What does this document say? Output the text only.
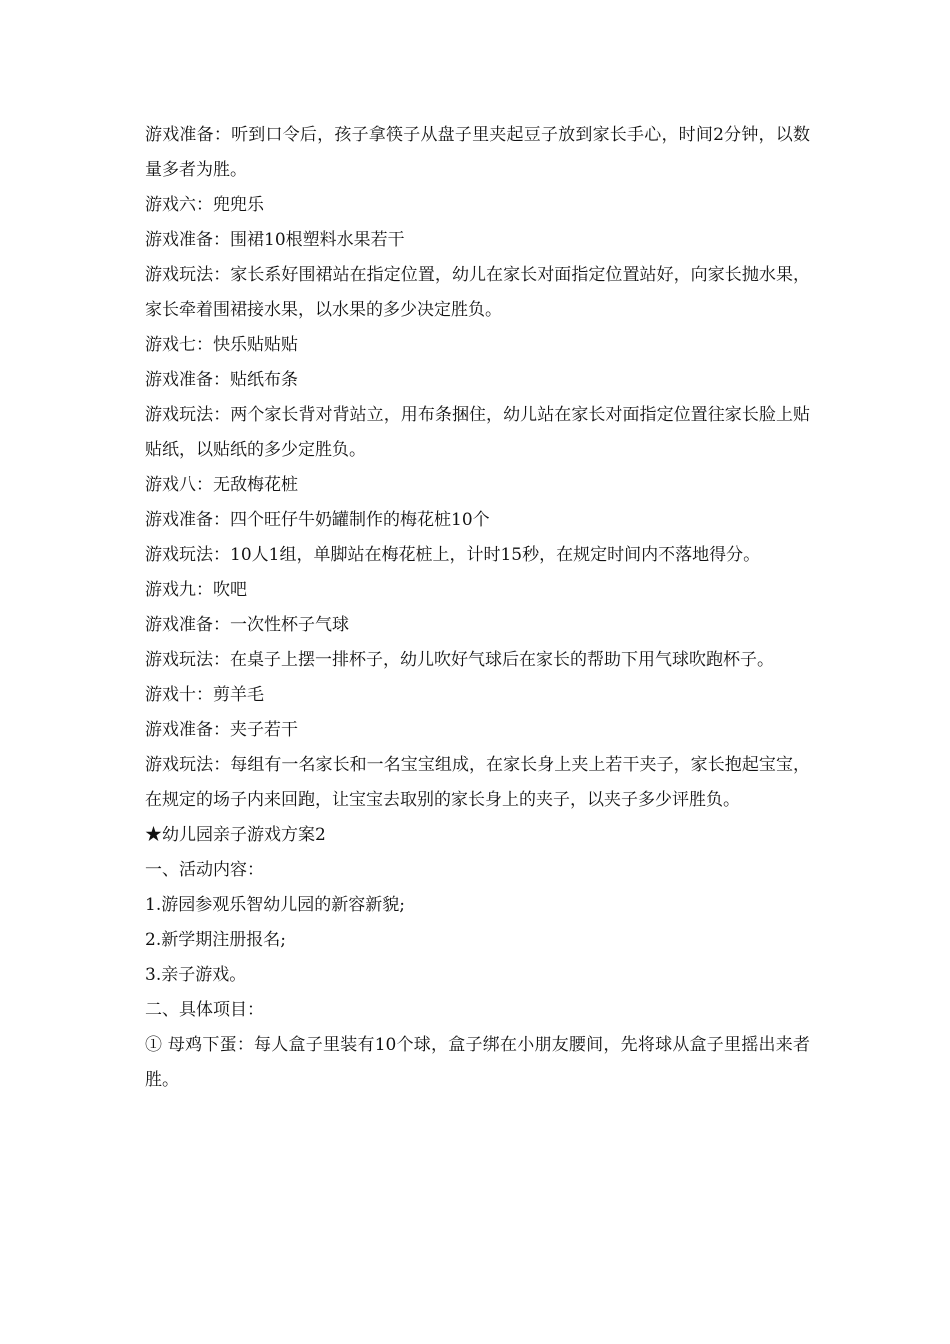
游戏准备：听到口令后，孩子拿筷子从盘子里夹起豆子放到家长手心，时间2分钟，以数量多者为胜。

游戏六：兜兜乐

游戏准备：围裙10根塑料水果若干

游戏玩法：家长系好围裙站在指定位置，幼儿在家长对面指定位置站好，向家长抛水果，家长牵着围裙接水果，以水果的多少决定胜负。

游戏七：快乐贴贴贴

游戏准备：贴纸布条

游戏玩法：两个家长背对背站立，用布条捆住，幼儿站在家长对面指定位置往家长脸上贴贴纸，以贴纸的多少定胜负。

游戏八：无敌梅花桩

游戏准备：四个旺仔牛奶罐制作的梅花桩10个

游戏玩法：10人1组，单脚站在梅花桩上，计时15秒，在规定时间内不落地得分。

游戏九：吹吧

游戏准备：一次性杯子气球

游戏玩法：在桌子上摆一排杯子，幼儿吹好气球后在家长的帮助下用气球吹跑杯子。

游戏十：剪羊毛

游戏准备：夹子若干

游戏玩法：每组有一名家长和一名宝宝组成，在家长身上夹上若干夹子，家长抱起宝宝，在规定的场子内来回跑，让宝宝去取别的家长身上的夹子，以夹子多少评胜负。

★幼儿园亲子游戏方案2

一、活动内容：

1.游园参观乐智幼儿园的新容新貌;

2.新学期注册报名;

3.亲子游戏。

二、具体项目：

① 母鸡下蛋：每人盒子里装有10个球，盒子绑在小朋友腰间，先将球从盒子里摇出来者胜。
